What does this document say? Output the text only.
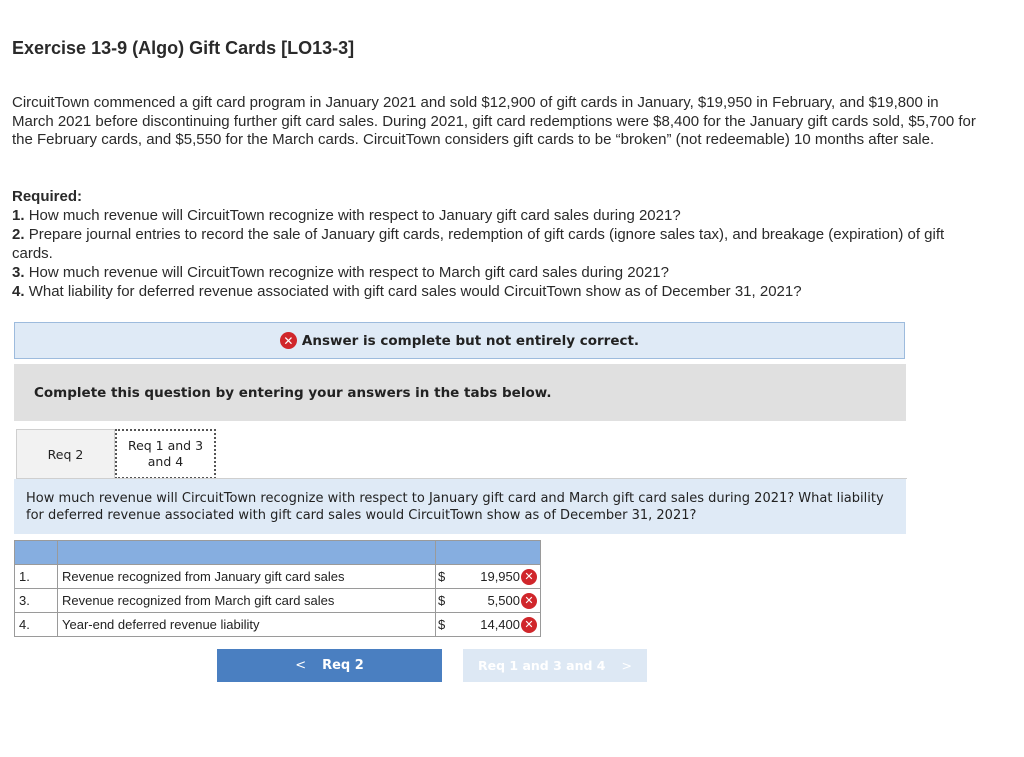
Exercise 13-9 (Algo) Gift Cards [LO13-3]
CircuitTown commenced a gift card program in January 2021 and sold $12,900 of gift cards in January, $19,950 in February, and $19,800 in March 2021 before discontinuing further gift card sales. During 2021, gift card redemptions were $8,400 for the January gift cards sold, $5,700 for the February cards, and $5,550 for the March cards. CircuitTown considers gift cards to be “broken” (not redeemable) 10 months after sale.
Required:
1. How much revenue will CircuitTown recognize with respect to January gift card sales during 2021?
2. Prepare journal entries to record the sale of January gift cards, redemption of gift cards (ignore sales tax), and breakage (expiration) of gift cards.
3. How much revenue will CircuitTown recognize with respect to March gift card sales during 2021?
4. What liability for deferred revenue associated with gift card sales would CircuitTown show as of December 31, 2021?
✕ Answer is complete but not entirely correct.
Complete this question by entering your answers in the tabs below.
Req 2
Req 1 and 3 and 4
How much revenue will CircuitTown recognize with respect to January gift card and March gift card sales during 2021? What liability for deferred revenue associated with gift card sales would CircuitTown show as of December 31, 2021?

1.	Revenue recognized from January gift card sales	$ 19,950 ✕

3.	Revenue recognized from March gift card sales	$ 5,500 ✕

4.	Year-end deferred revenue liability	$ 14,400 ✕
< Req 2	Req 1 and 3 and 4 >
